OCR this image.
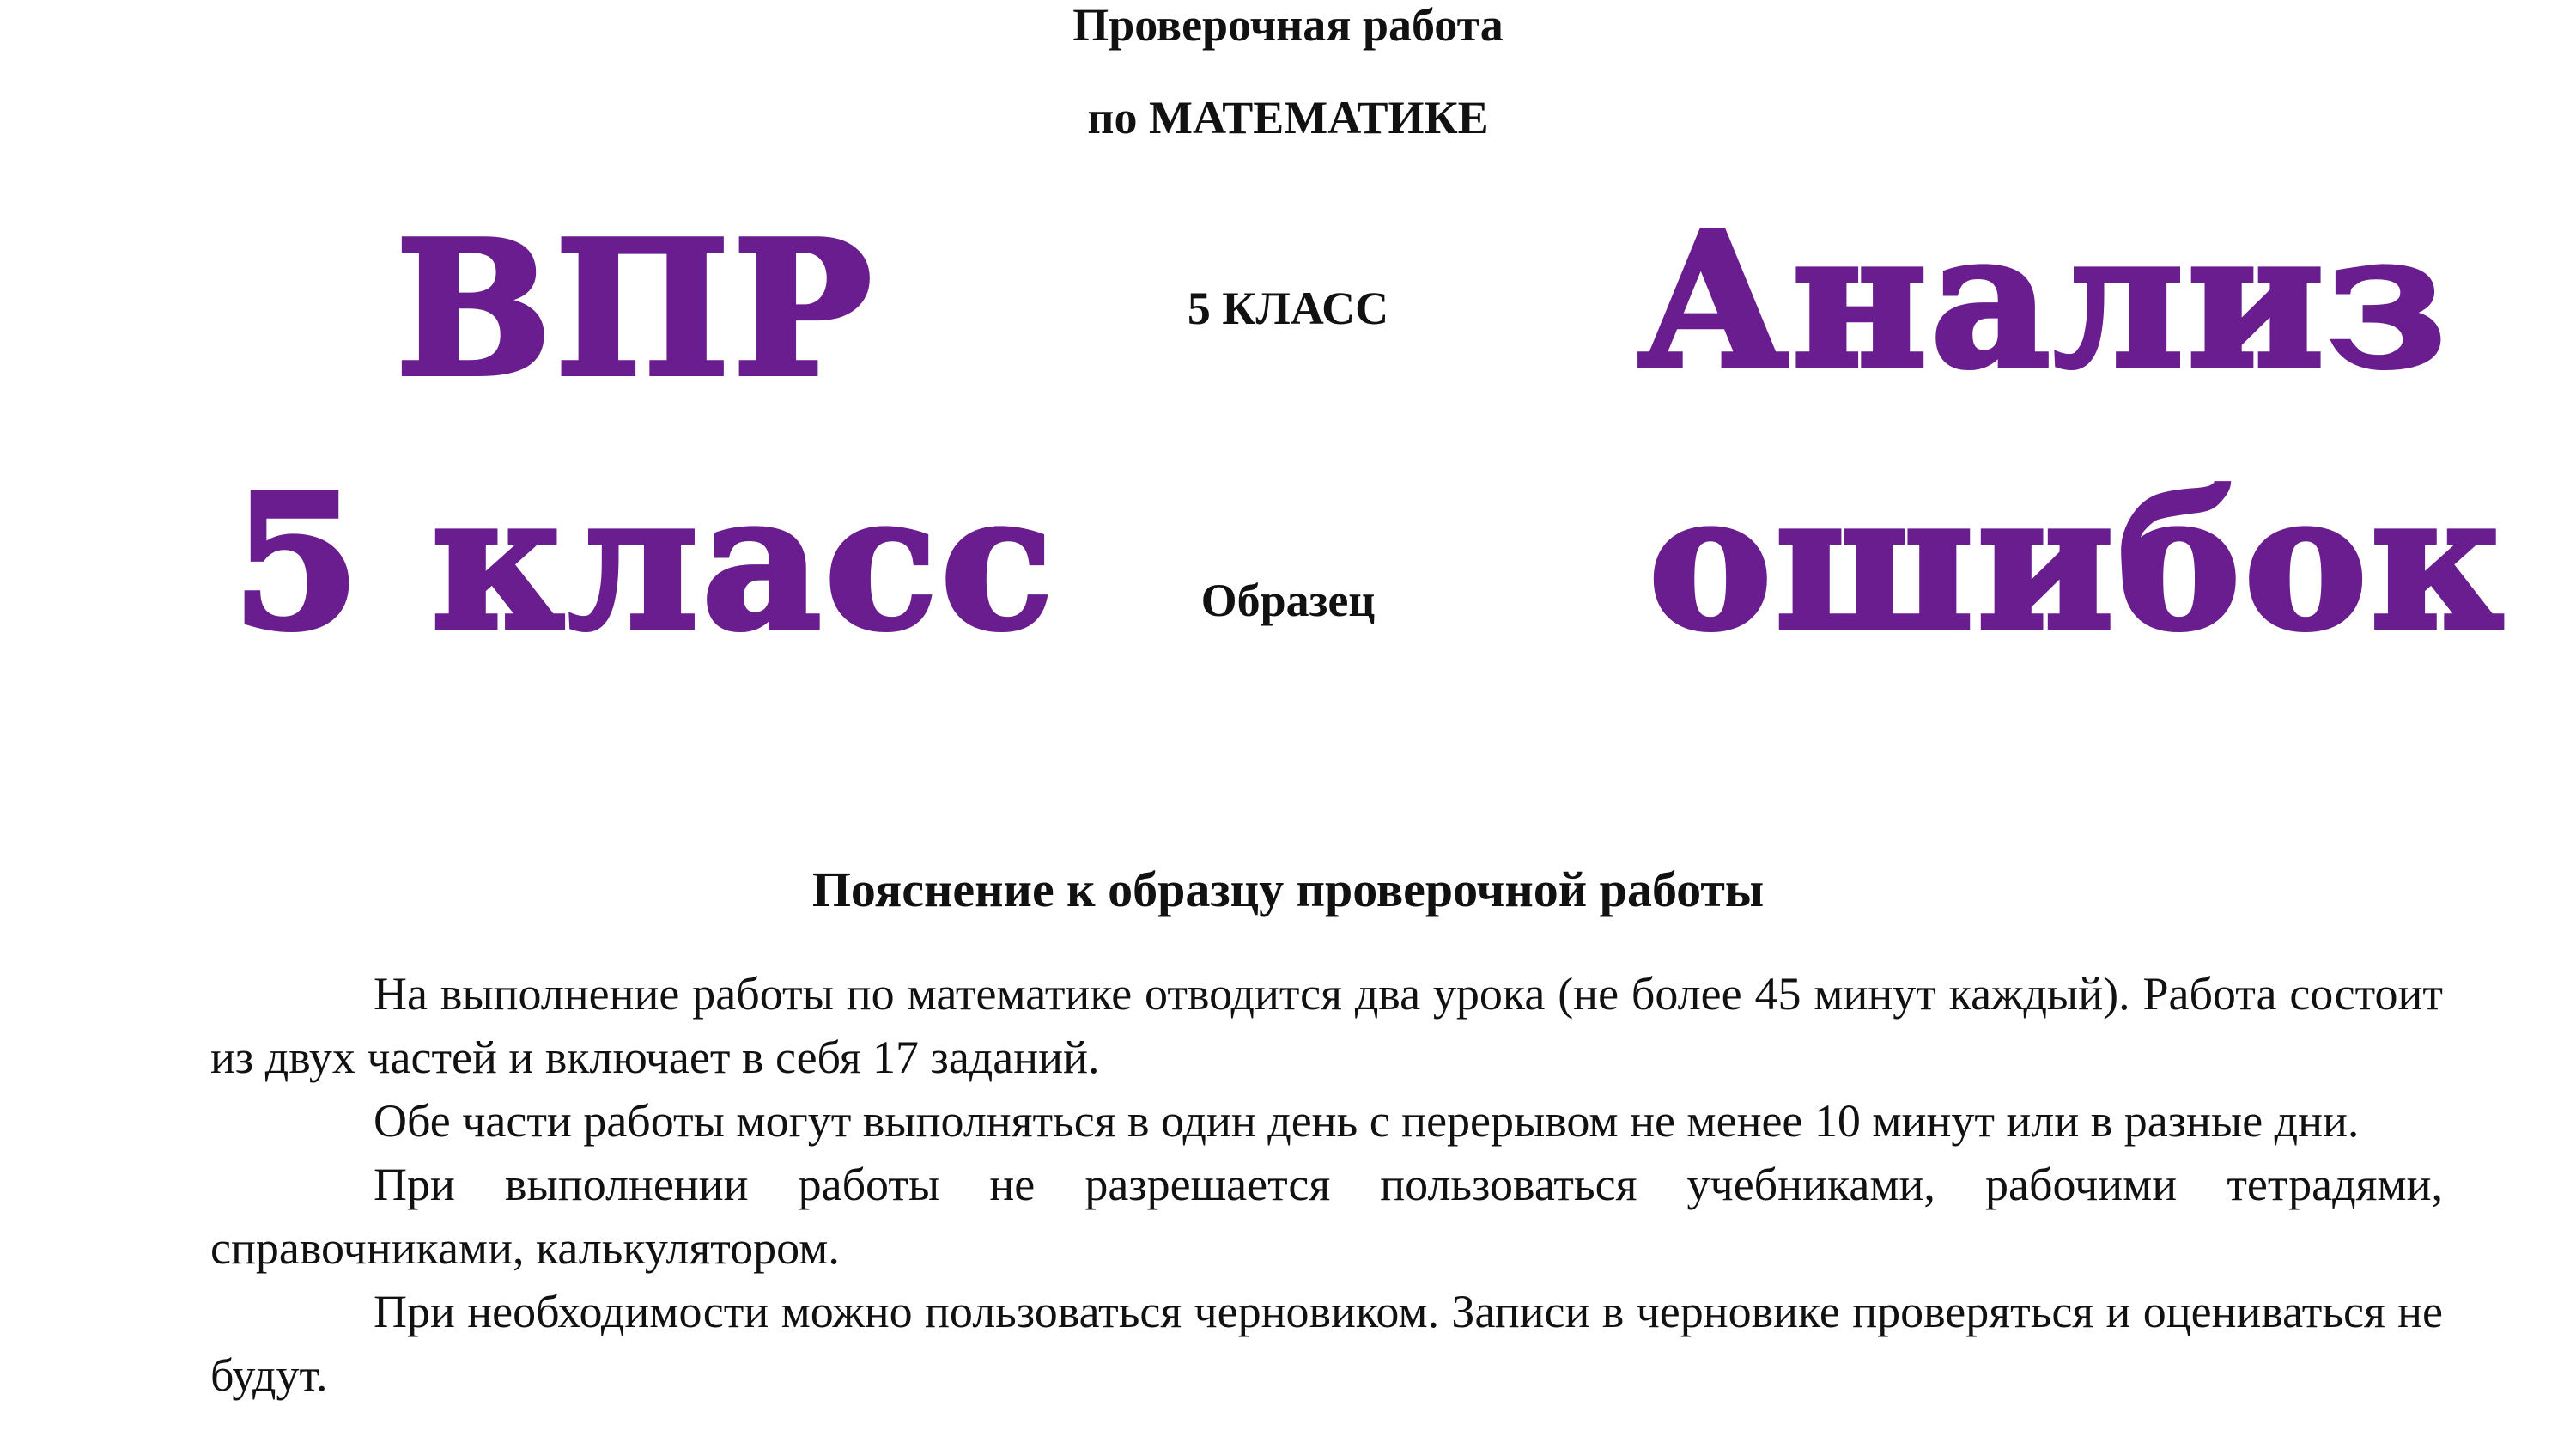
Проверочная работа
по МАТЕМАТИКЕ
5 КЛАСС
Образец
ВПР
5 класс
Анализ
ошибок
Пояснение к образцу проверочной работы

На выполнение работы по математике отводится два урока (не более 45 минут каждый). Работа состоит из двух частей и включает в себя 17 заданий.

Обе части работы могут выполняться в один день с перерывом не менее 10 минут или в разные дни.

При выполнении работы не разрешается пользоваться учебниками, рабочими тетрадями, справочниками, калькулятором.

При необходимости можно пользоваться черновиком. Записи в черновике проверяться и оцениваться не будут.
